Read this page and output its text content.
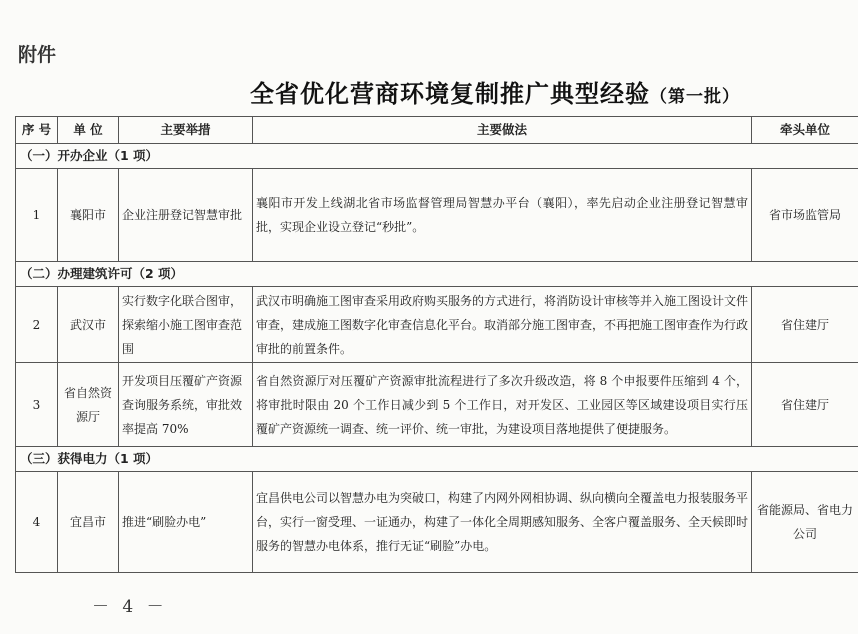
附件
全省优化营商环境复制推广典型经验（第一批）
序 号	单 位	主要举措	主要做法	牵头单位
（一）开办企业（1 项）				
1	襄阳市	企业注册登记智慧审批	襄阳市开发上线湖北省市场监督管理局智慧办平台（襄阳），率先启动企业注册登记智慧审批，实现企业设立登记“秒批”。	省市场监管局
（二）办理建筑许可（2 项）				
2	武汉市	实行数字化联合图审，探索缩小施工图审查范围	武汉市明确施工图审查采用政府购买服务的方式进行，将消防设计审核等并入施工图设计文件审查，建成施工图数字化审查信息化平台。取消部分施工图审查，不再把施工图审查作为行政审批的前置条件。	省住建厅
3	省自然资源厅	开发项目压覆矿产资源查询服务系统，审批效率提高 70%	省自然资源厅对压覆矿产资源审批流程进行了多次升级改造，将 8 个申报要件压缩到 4 个，将审批时限由 20 个工作日减少到 5 个工作日，对开发区、工业园区等区域建设项目实行压覆矿产资源统一调查、统一评价、统一审批，为建设项目落地提供了便捷服务。	省住建厅
（三）获得电力（1 项）				
4	宜昌市	推进“刷脸办电”	宜昌供电公司以智慧办电为突破口，构建了内网外网相协调、纵向横向全覆盖电力报装服务平台，实行一窗受理、一证通办，构建了一体化全周期感知服务、全客户覆盖服务、全天候即时服务的智慧办电体系，推行无证“刷脸”办电。	省能源局、省电力公司
－ 4 －
